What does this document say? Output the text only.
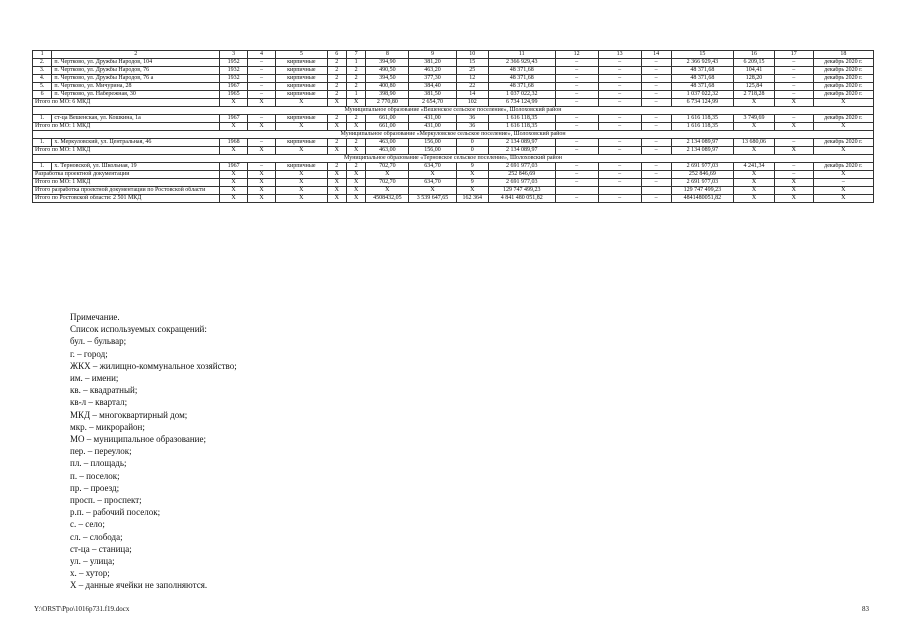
1	2	3	4	5	6	7	8	9	10	11	12	13	14	15	16	17	18
2.	п. Чертково, ул. Дружбы Народов, 104	1952	–	кирпичные	2	1	394,90	381,20	15	2 366 929,43	–	–	–	2 366 929,43	6 209,15	–	декабрь 2020 г.
3.	п. Чертково, ул. Дружбы Народов, 76	1932	–	кирпичные	2	2	490,50	463,20	25	48 371,68	–	–	–	48 371,68	104,41	–	декабрь 2020 г.
4.	п. Чертково, ул. Дружбы Народов, 76 а	1932	–	кирпичные	2	2	394,50	377,30	12	48 371,68	–	–	–	48 371,68	128,20	–	декабрь 2020 г.
5.	п. Чертково, ул. Мичурина, 28	1967	–	кирпичные	2	2	400,80	384,40	22	48 371,68	–	–	–	48 371,68	125,84	–	декабрь 2020 г.
6	п. Чертково, ул. Набережная, 30	1965	–	кирпичные	2	1	398,90	381,50	14	1 037 022,32	–	–	–	1 037 022,32	2 718,28	–	декабрь 2020 г.
Итого по МО: 6 МКД		X	X	X	X	X	2 770,80	2 654,70	102	6 734 124,99	–	–	–	6 734 124,99	X	X	X
Муниципальное образование «Вешенское сельское поселение», Шолоховский район																	
1.	ст-ца Вешенская, ул. Кошкина, 1а	1967	–	кирпичные	2	2	661,00	431,00	36	1 616 118,35	–	–	–	1 616 118,35	3 749,69	–	декабрь 2020 г.
Итого по МО: 1 МКД		X	X	X	X	X	661,00	431,00	36	1 616 118,35	–	–	–	1 616 118,35	X	X	X
Муниципальное образование «Меркуловское сельское поселение», Шолоховский район																	
1.	х. Меркуловский, ул. Центральная, 46	1968	–	кирпичные	2	2	463,00	156,00	0	2 134 089,97	–	–	–	2 134 089,97	13 680,06	–	декабрь 2020 г.
Итого по МО: 1 МКД		X	X	X	X	X	463,00	156,00	0	2 134 089,97	–	–	–	2 134 089,97	X	X	X
Муниципальное образование «Терновское сельское поселение», Шолоховский район																	
1.	х. Терновской, ул. Школьная, 19	1967	–	кирпичные	2	2	702,70	634,70	9	2 691 977,03	–	–	–	2 691 977,03	4 241,34	–	декабрь 2020 г.
Разработка проектной документации		X	X	X	X	X	X	X	X	252 846,69	–	–	–	252 846,69	X	–	X
Итого по МО: 1 МКД		X	X	X	X	X	702,70	634,70	9	2 691 977,03	–	–	–	2 691 977,03	X	X	–
Итого разработка проектной документации по Ростовской области		X	X	X	X	X	X	X	X	129 747 499,23				129 747 499,23	X	X	X
Итого по Ростовской области: 2 501 МКД		X	X	X	X	X	4508432,05	3 539 647,65	162 364	4 841 480 051,82	–	–	–	4841480051,82	X	X	X
Примечание.
Список используемых сокращений:
бул. – бульвар;
г. – город;
ЖКХ – жилищно-коммунальное хозяйство;
им. – имени;
кв. – квадратный;
кв-л – квартал;
МКД – многоквартирный дом;
мкр. – микрорайон;
МО – муниципальное образование;
пер. – переулок;
пл. – площадь;
п. – поселок;
пр. – проезд;
просп. – проспект;
р.п. – рабочий поселок;
с. – село;
сл. – слобода;
ст-ца – станица;
ул. – улица;
х. – хутор;
Х – данные ячейки не заполняются.
Y:\ORST\Ppo\1016p731.f19.docx	83
